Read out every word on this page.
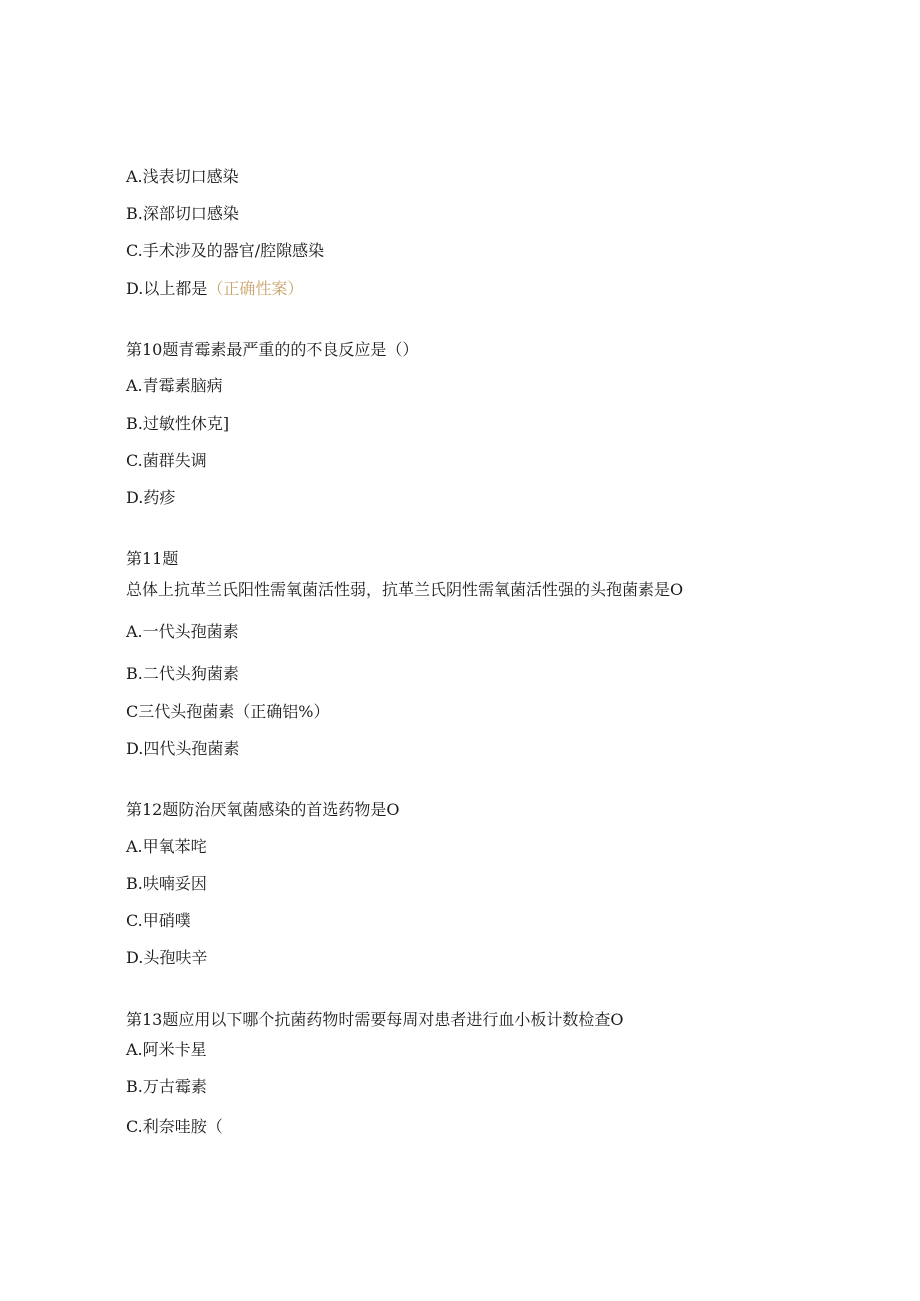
A.浅表切口感染
B.深部切口感染
C.手术涉及的器官/腔隙感染
D.以上都是（正确性案）
第10题青霉素最严重的的不良反应是（）
A.青霉素脑病
B.过敏性休克]
C.菌群失调
D.药疹
第11题
总体上抗革兰氏阳性需氧菌活性弱，抗革兰氏阴性需氧菌活性强的头孢菌素是O
A.一代头孢菌素
B.二代头狗菌素
C三代头孢菌素（正确铝%）
D.四代头孢菌素
第12题防治厌氧菌感染的首选药物是O
A.甲氧苯咤
B.呋喃妥因
C.甲硝噗
D.头孢呋辛
第13题应用以下哪个抗菌药物时需要每周对患者进行血小板计数检查O
A.阿米卡星
B.万古霉素
C.利奈哇胺（
